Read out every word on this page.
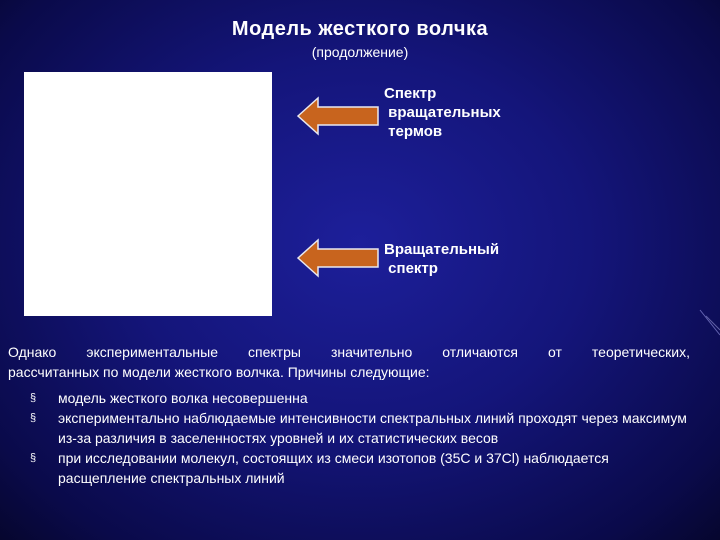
Модель жесткого волчка
(продолжение)
Спектр
вращательных
термов
Вращательный
спектр
Однако экспериментальные спектры значительно отличаются от теоретических,
рассчитанных по модели жесткого волчка. Причины следующие:
§ модель жесткого волка несовершенна
§ экспериментально наблюдаемые интенсивности спектральных линий проходят через максимум из-за различия в заселенностях уровней и их статистических весов
§ при исследовании молекул, состоящих из смеси изотопов (35C и 37Cl) наблюдается расщепление спектральных линий
